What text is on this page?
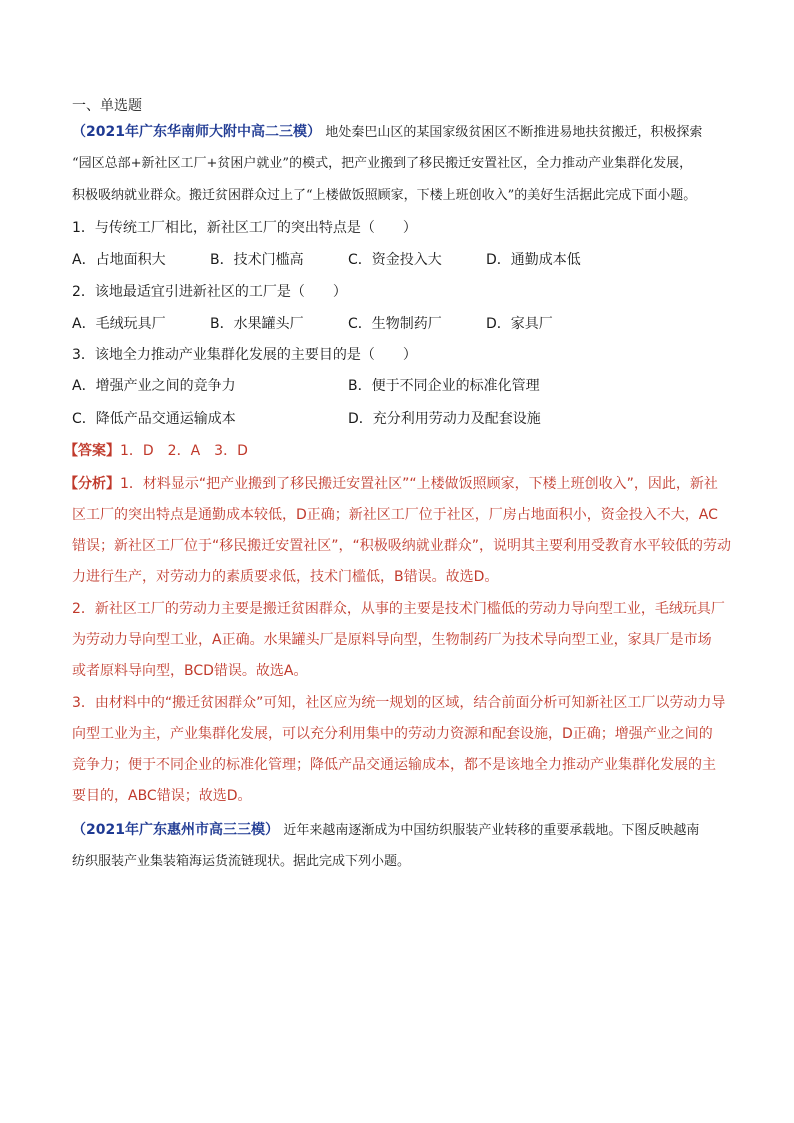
一、单选题
（2021年广东华南师大附中高二三模） 地处秦巴山区的某国家级贫困区不断推进易地扶贫搬迁，积极探索
“园区总部+新社区工厂+贫困户就业”的模式，把产业搬到了移民搬迁安置社区，全力推动产业集群化发展，
积极吸纳就业群众。搬迁贫困群众过上了“上楼做饭照顾家，下楼上班创收入”的美好生活据此完成下面小题。
1．与传统工厂相比，新社区工厂的突出特点是（　　）
A．占地面积大	B．技术门槛高	C．资金投入大	D．通勤成本低
2．该地最适宜引进新社区的工厂是（　　）
A．毛绒玩具厂	B．水果罐头厂	C．生物制药厂	D．家具厂
3．该地全力推动产业集群化发展的主要目的是（　　）
A．增强产业之间的竞争力	B．便于不同企业的标准化管理
C．降低产品交通运输成本	D．充分利用劳动力及配套设施
【答案】1．D　2．A　3．D
【分析】1．材料显示“把产业搬到了移民搬迁安置社区”“上楼做饭照顾家，下楼上班创收入”，因此，新社
区工厂的突出特点是通勤成本较低，D正确；新社区工厂位于社区，厂房占地面积小，资金投入不大，AC
错误；新社区工厂位于“移民搬迁安置社区”，“积极吸纳就业群众”，说明其主要利用受教育水平较低的劳动
力进行生产，对劳动力的素质要求低，技术门槛低，B错误。故选D。
2．新社区工厂的劳动力主要是搬迁贫困群众，从事的主要是技术门槛低的劳动力导向型工业，毛绒玩具厂
为劳动力导向型工业，A正确。水果罐头厂是原料导向型，生物制药厂为技术导向型工业，家具厂是市场
或者原料导向型，BCD错误。故选A。
3．由材料中的“搬迁贫困群众”可知，社区应为统一规划的区域，结合前面分析可知新社区工厂以劳动力导
向型工业为主，产业集群化发展，可以充分利用集中的劳动力资源和配套设施，D正确；增强产业之间的
竞争力；便于不同企业的标准化管理；降低产品交通运输成本，都不是该地全力推动产业集群化发展的主
要目的，ABC错误；故选D。
（2021年广东惠州市高三三模） 近年来越南逐渐成为中国纺织服装产业转移的重要承载地。下图反映越南
纺织服装产业集装箱海运货流链现状。据此完成下列小题。
